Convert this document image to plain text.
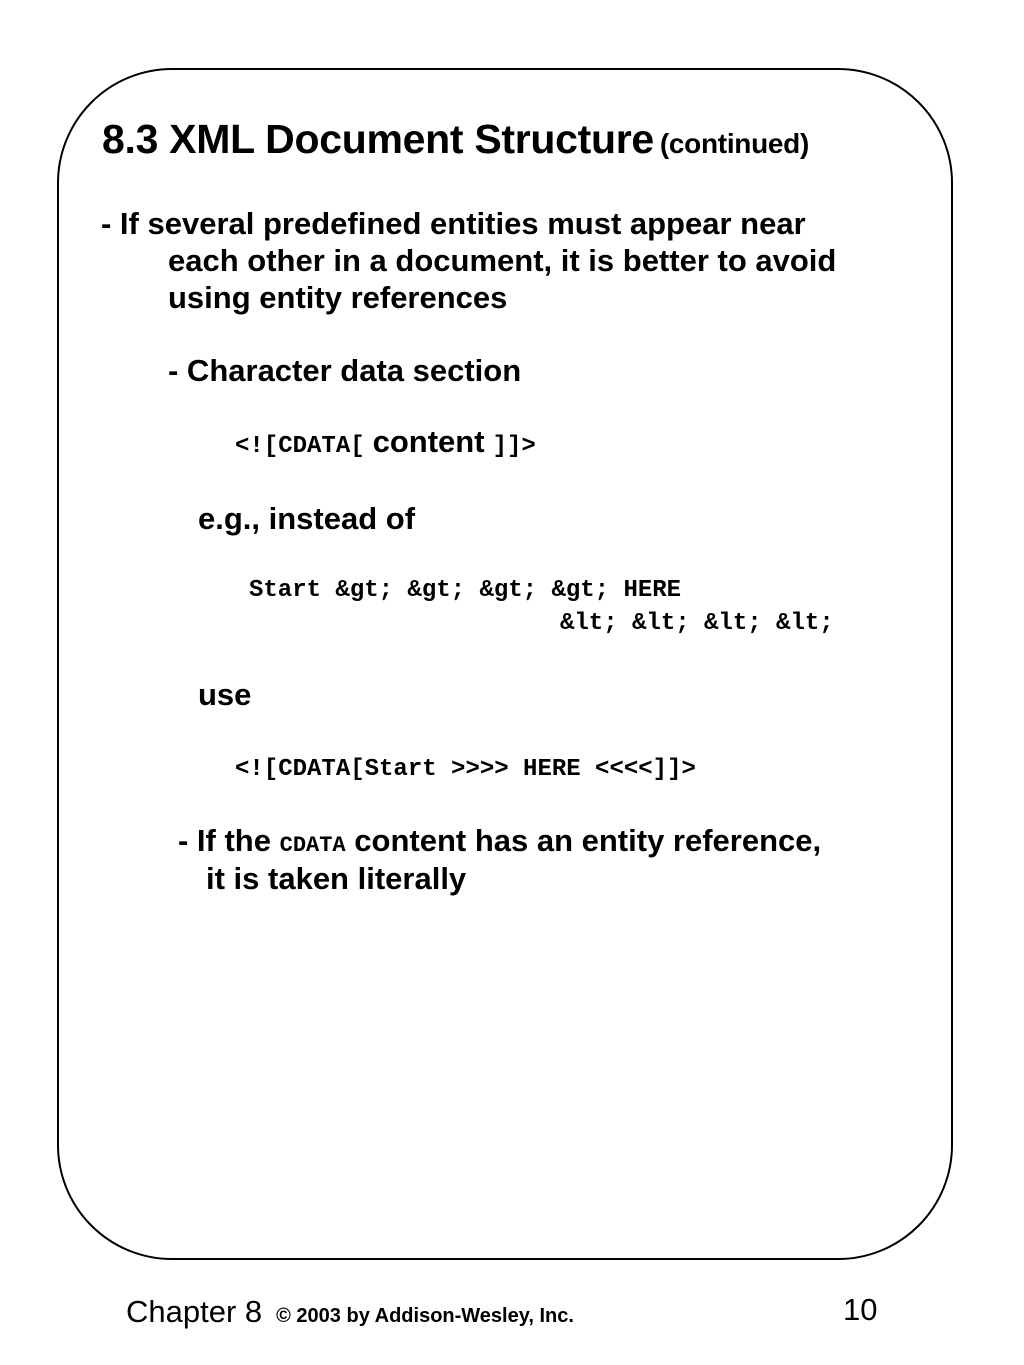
8.3 XML Document Structure (continued)
- If several predefined entities must appear near
each other in a document, it is better to avoid
using entity references
- Character data section
<![CDATA[ content ]]>
e.g., instead of
Start &gt; &gt; &gt; &gt; HERE
&lt; &lt; &lt; &lt;
use
<![CDATA[Start >>>> HERE <<<<]]>
- If the CDATA content has an entity reference,
it is taken literally
Chapter 8 © 2003 by Addison-Wesley, Inc.	10
